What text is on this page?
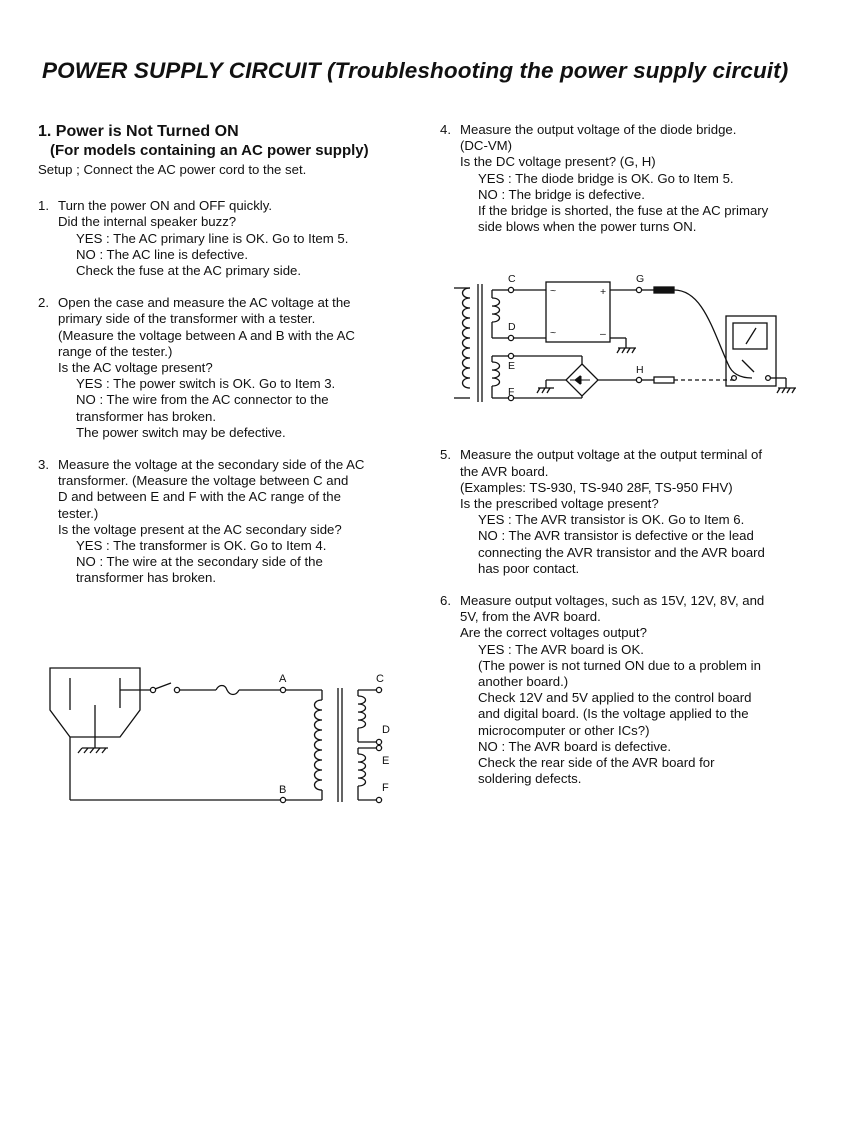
POWER SUPPLY CIRCUIT (Troubleshooting the power supply circuit)
1. Power is Not Turned ON
(For models containing an AC power supply)
Setup ; Connect the AC power cord to the set.
1. Turn the power ON and OFF quickly.
Did the internal speaker buzz?
YES : The AC primary line is OK. Go to Item 5.
NO : The AC line is defective.
Check the fuse at the AC primary side.
2. Open the case and measure the AC voltage at the
primary side of the transformer with a tester.
(Measure the voltage between A and B with the AC
range of the tester.)
Is the AC voltage present?
YES : The power switch is OK. Go to Item 3.
NO : The wire from the AC connector to the
transformer has broken.
The power switch may be defective.
3. Measure the voltage at the secondary side of the AC
transformer. (Measure the voltage between C and
D and between E and F with the AC range of the
tester.)
Is the voltage present at the AC secondary side?
YES : The transformer is OK. Go to Item 4.
NO : The wire at the secondary side of the
transformer has broken.
A
B
C
D
E
F
4. Measure the output voltage of the diode bridge.
(DC-VM)
Is the DC voltage present? (G, H)
YES : The diode bridge is OK. Go to Item 5.
NO : The bridge is defective.
If the bridge is shorted, the fuse at the AC primary
side blows when the power turns ON.
5. Measure the output voltage at the output terminal of
the AVR board.
(Examples: TS-930, TS-940 28F, TS-950 FHV)
Is the prescribed voltage present?
YES : The AVR transistor is OK. Go to Item 6.
NO : The AVR transistor is defective or the lead
connecting the AVR transistor and the AVR board
has poor contact.
6. Measure output voltages, such as 15V, 12V, 8V, and
5V, from the AVR board.
Are the correct voltages output?
YES : The AVR board is OK.
(The power is not turned ON due to a problem in
another board.)
Check 12V and 5V applied to the control board
and digital board. (Is the voltage applied to the
microcomputer or other ICs?)
NO : The AVR board is defective.
Check the rear side of the AVR board for
soldering defects.
C
D
E
F
G
H
~
~
+
–
